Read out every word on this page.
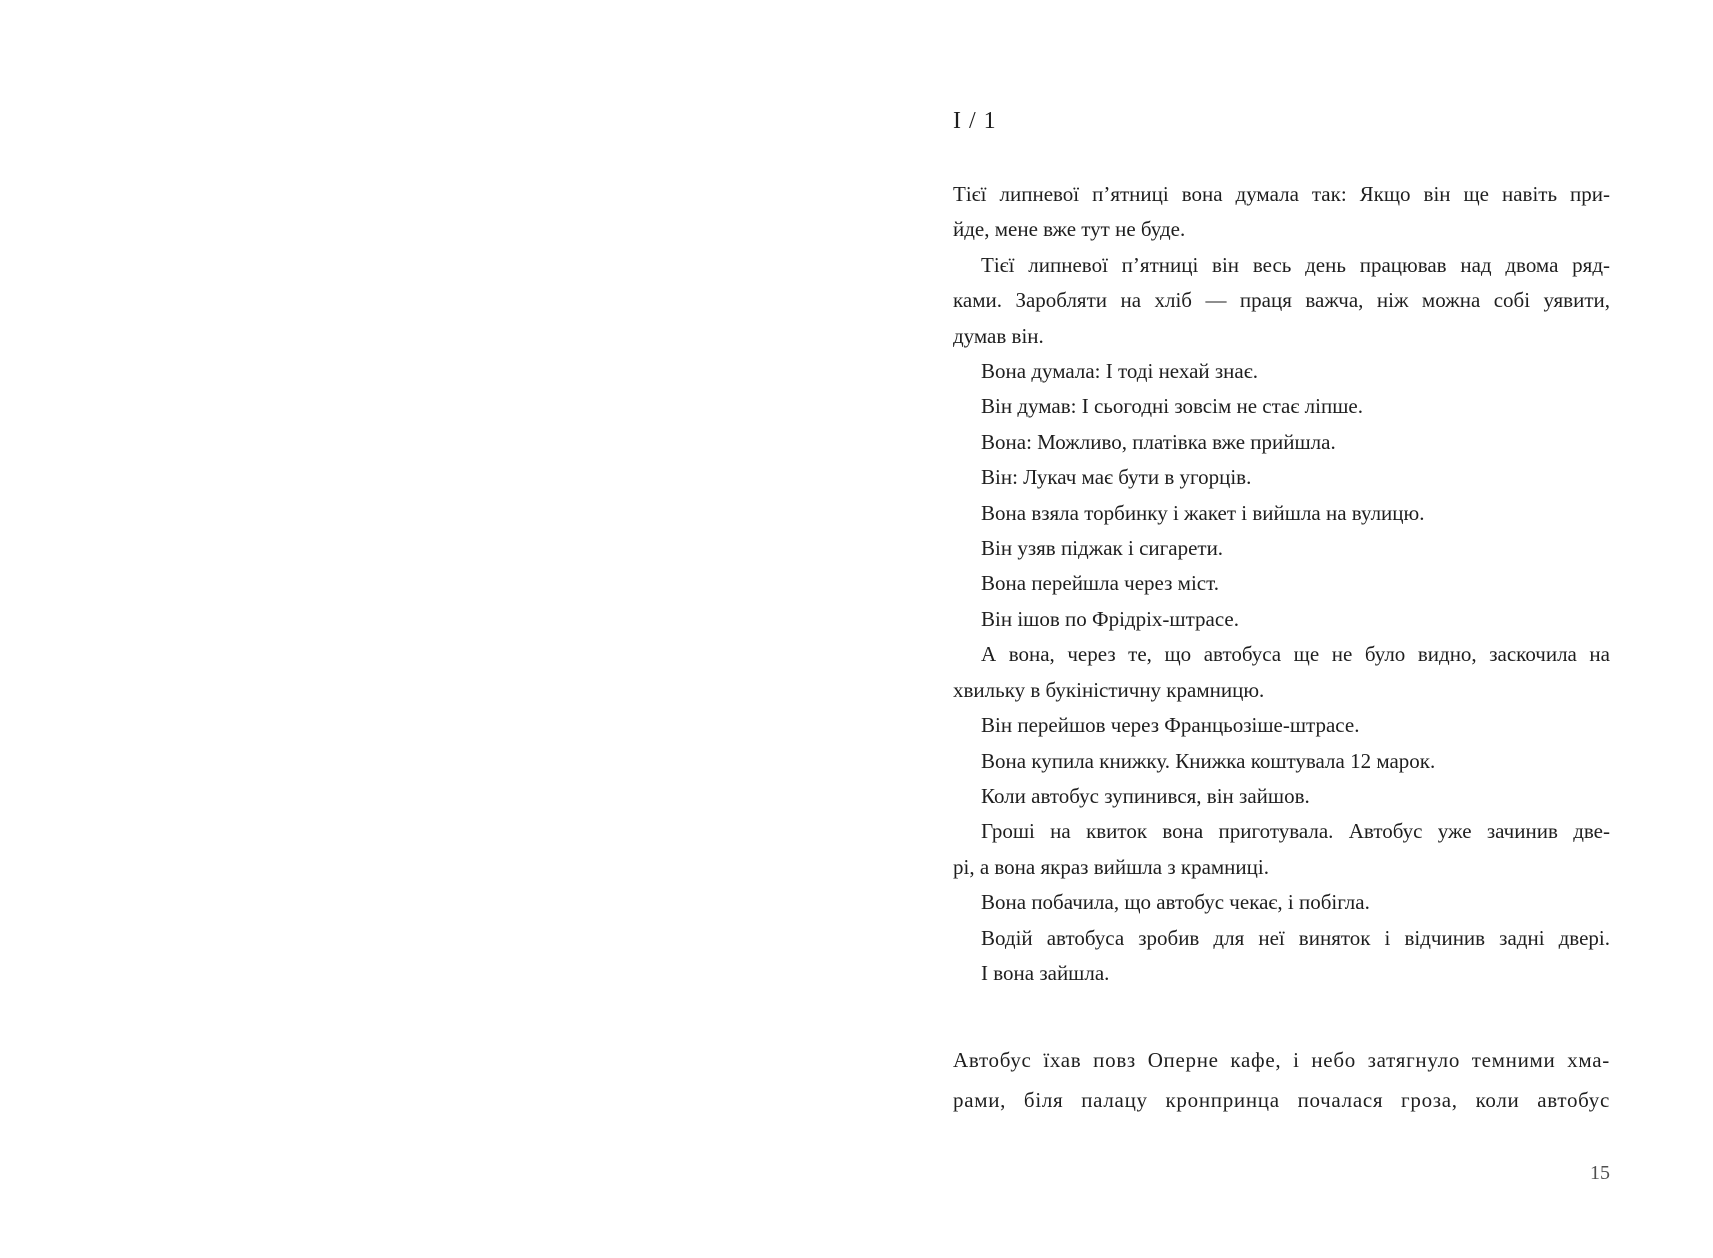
I / 1
Тієї липневої п’ятниці вона думала так: Якщо він ще навіть при-
йде, мене вже тут не буде.
Тієї липневої п’ятниці він весь день працював над двома ряд-
ками. Заробляти на хліб — праця важча, ніж можна собі уявити,
думав він.
Вона думала: І тоді нехай знає.
Він думав: І сьогодні зовсім не стає ліпше.
Вона: Можливо, платівка вже прийшла.
Він: Лукач має бути в угорців.
Вона взяла торбинку і жакет і вийшла на вулицю.
Він узяв піджак і сигарети.
Вона перейшла через міст.
Він ішов по Фрідріх-штрасе.
А вона, через те, що автобуса ще не було видно, заскочила на
хвильку в букіністичну крамницю.
Він перейшов через Францьозіше-штрасе.
Вона купила книжку. Книжка коштувала 12 марок.
Коли автобус зупинився, він зайшов.
Гроші на квиток вона приготувала. Автобус уже зачинив две-
рі, а вона якраз вийшла з крамниці.
Вона побачила, що автобус чекає, і побігла.
Водій автобуса зробив для неї виняток і відчинив задні двері.
І вона зайшла.
Автобус їхав повз Оперне кафе, і небо затягнуло темними хма-
рами, біля палацу кронпринца почалася гроза, коли автобус
15
